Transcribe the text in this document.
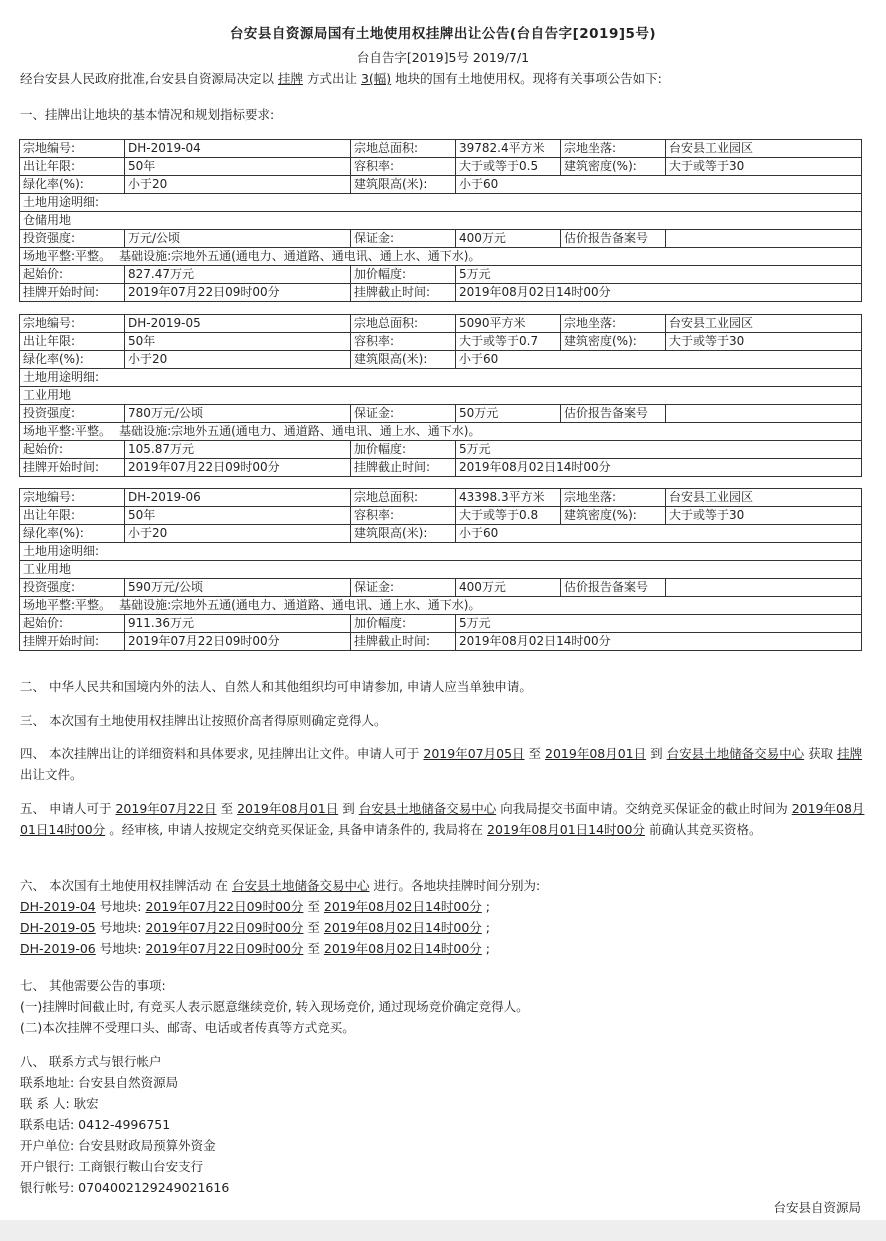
台安县自资源局国有土地使用权挂牌出让公告(台自告字[2019]5号)
台自告字[2019]5号 2019/7/1
经台安县人民政府批准,台安县自资源局决定以 挂牌 方式出让 3(幅) 地块的国有土地使用权。现将有关事项公告如下:
一、挂牌出让地块的基本情况和规划指标要求:
宗地编号:	DH-2019-04	宗地总面积:	39782.4平方米	宗地坐落:	台安县工业园区
出让年限:	50年	容积率:	大于或等于0.5	建筑密度(%):	大于或等于30
绿化率(%):	小于20	建筑限高(米):	小于60		
土地用途明细:					
仓储用地					
投资强度:	万元/公顷	保证金:	400万元	估价报告备案号	
场地平整:平整。 基础设施:宗地外五通(通电力、通道路、通电讯、通上水、通下水)。					
起始价:	827.47万元	加价幅度:	5万元		
挂牌开始时间:	2019年07月22日09时00分	挂牌截止时间:	2019年08月02日14时00分		
宗地编号:	DH-2019-05	宗地总面积:	5090平方米	宗地坐落:	台安县工业园区
出让年限:	50年	容积率:	大于或等于0.7	建筑密度(%):	大于或等于30
绿化率(%):	小于20	建筑限高(米):	小于60		
土地用途明细:					
工业用地					
投资强度:	780万元/公顷	保证金:	50万元	估价报告备案号	
场地平整:平整。 基础设施:宗地外五通(通电力、通道路、通电讯、通上水、通下水)。					
起始价:	105.87万元	加价幅度:	5万元		
挂牌开始时间:	2019年07月22日09时00分	挂牌截止时间:	2019年08月02日14时00分		
宗地编号:	DH-2019-06	宗地总面积:	43398.3平方米	宗地坐落:	台安县工业园区
出让年限:	50年	容积率:	大于或等于0.8	建筑密度(%):	大于或等于30
绿化率(%):	小于20	建筑限高(米):	小于60		
土地用途明细:					
工业用地					
投资强度:	590万元/公顷	保证金:	400万元	估价报告备案号	
场地平整:平整。 基础设施:宗地外五通(通电力、通道路、通电讯、通上水、通下水)。					
起始价:	911.36万元	加价幅度:	5万元		
挂牌开始时间:	2019年07月22日09时00分	挂牌截止时间:	2019年08月02日14时00分		
二、 中华人民共和国境内外的法人、自然人和其他组织均可申请参加, 申请人应当单独申请。
三、 本次国有土地使用权挂牌出让按照价高者得原则确定竞得人。
四、 本次挂牌出让的详细资料和具体要求, 见挂牌出让文件。申请人可于 2019年07月05日 至 2019年08月01日 到 台安县土地储备交易中心 获取 挂牌 出让文件。
五、 申请人可于 2019年07月22日 至 2019年08月01日 到 台安县土地储备交易中心 向我局提交书面申请。交纳竞买保证金的截止时间为 2019年08月01日14时00分 。经审核, 申请人按规定交纳竞买保证金, 具备申请条件的, 我局将在 2019年08月01日14时00分 前确认其竞买资格。
六、 本次国有土地使用权挂牌活动 在 台安县土地储备交易中心 进行。各地块挂牌时间分别为:
DH-2019-04 号地块: 2019年07月22日09时00分 至 2019年08月02日14时00分 ;
DH-2019-05 号地块: 2019年07月22日09时00分 至 2019年08月02日14时00分 ;
DH-2019-06 号地块: 2019年07月22日09时00分 至 2019年08月02日14时00分 ;
七、 其他需要公告的事项:
(一)挂牌时间截止时, 有竞买人表示愿意继续竞价, 转入现场竞价, 通过现场竞价确定竞得人。
(二)本次挂牌不受理口头、邮寄、电话或者传真等方式竞买。
八、 联系方式与银行帐户
联系地址: 台安县自然资源局
联 系 人: 耿宏
联系电话: 0412-4996751
开户单位: 台安县财政局预算外资金
开户银行: 工商银行鞍山台安支行
银行帐号: 0704002129249021616
台安县自资源局
